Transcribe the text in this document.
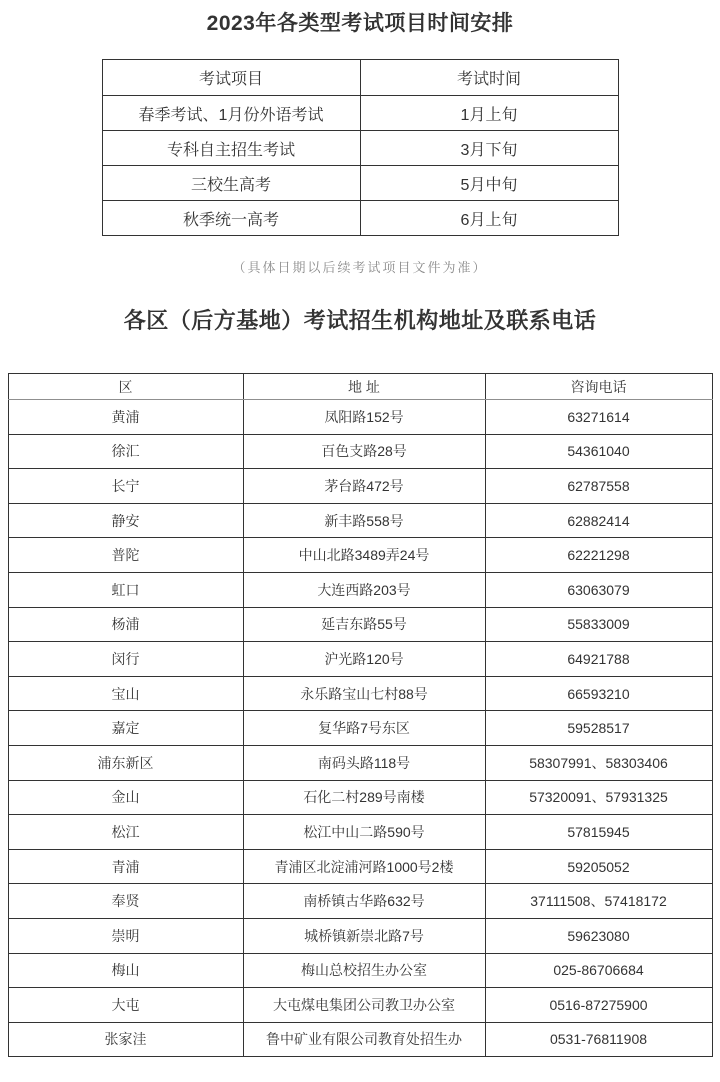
2023年各类型考试项目时间安排
考试项目	考试时间
春季考试、1月份外语考试	1月上旬
专科自主招生考试	3月下旬
三校生高考	5月中旬
秋季统一高考	6月上旬

（具体日期以后续考试项目文件为准）

各区（后方基地）考试招生机构地址及联系电话
区	地 址	咨询电话
黄浦	凤阳路152号	63271614
徐汇	百色支路28号	54361040
长宁	茅台路472号	62787558
静安	新丰路558号	62882414
普陀	中山北路3489弄24号	62221298
虹口	大连西路203号	63063079
杨浦	延吉东路55号	55833009
闵行	沪光路120号	64921788
宝山	永乐路宝山七村88号	66593210
嘉定	复华路7号东区	59528517
浦东新区	南码头路118号	58307991、58303406
金山	石化二村289号南楼	57320091、57931325
松江	松江中山二路590号	57815945
青浦	青浦区北淀浦河路1000号2楼	59205052
奉贤	南桥镇古华路632号	37111508、57418172
崇明	城桥镇新崇北路7号	59623080
梅山	梅山总校招生办公室	025-86706684
大屯	大屯煤电集团公司教卫办公室	0516-87275900
张家洼	鲁中矿业有限公司教育处招生办	0531-76811908
